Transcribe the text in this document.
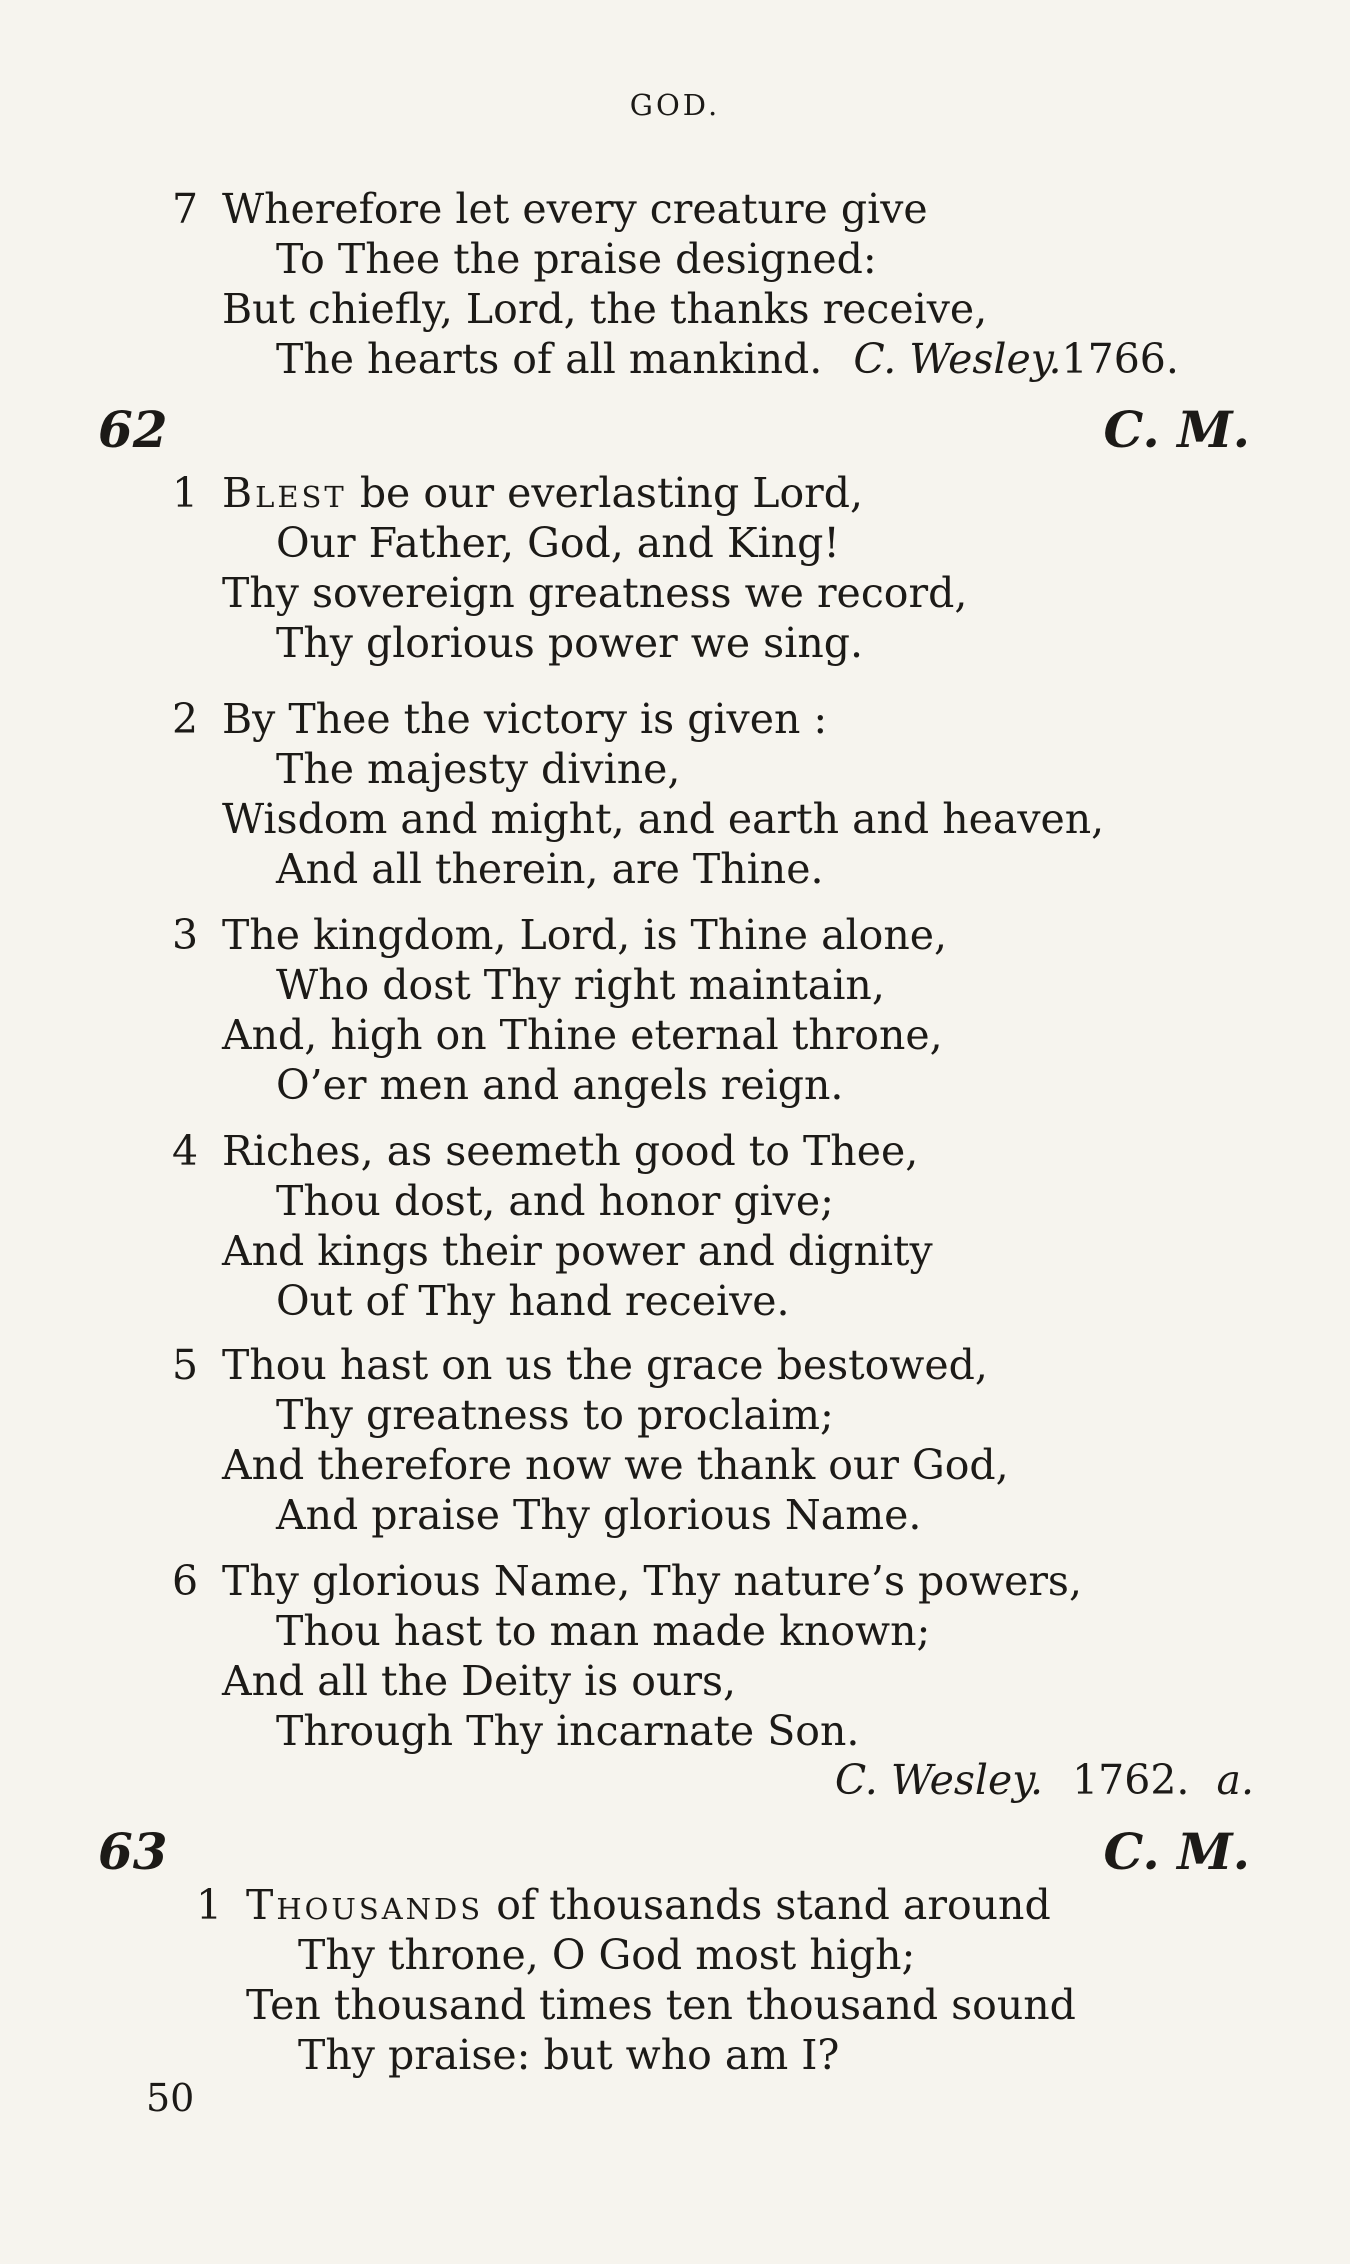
GOD.
7 Wherefore let every creature give
To Thee the praise designed:
But chiefly, Lord, the thanks receive,
The hearts of all mankind. C. Wesley.1766.
62	C. M.
1 Blest be our everlasting Lord,
Our Father, God, and King!
Thy sovereign greatness we record,
Thy glorious power we sing.
2 By Thee the victory is given :
The majesty divine,
Wisdom and might, and earth and heaven,
And all therein, are Thine.
3 The kingdom, Lord, is Thine alone,
Who dost Thy right maintain,
And, high on Thine eternal throne,
O’er men and angels reign.
4 Riches, as seemeth good to Thee,
Thou dost, and honor give;
And kings their power and dignity
Out of Thy hand receive.
5 Thou hast on us the grace bestowed,
Thy greatness to proclaim;
And therefore now we thank our God,
And praise Thy glorious Name.
6 Thy glorious Name, Thy nature’s powers,
Thou hast to man made known;
And all the Deity is ours,
Through Thy incarnate Son.
C. Wesley. 1762. a.
63	C. M.
1 Thousands of thousands stand around
Thy throne, O God most high;
Ten thousand times ten thousand sound
Thy praise: but who am I?
50
